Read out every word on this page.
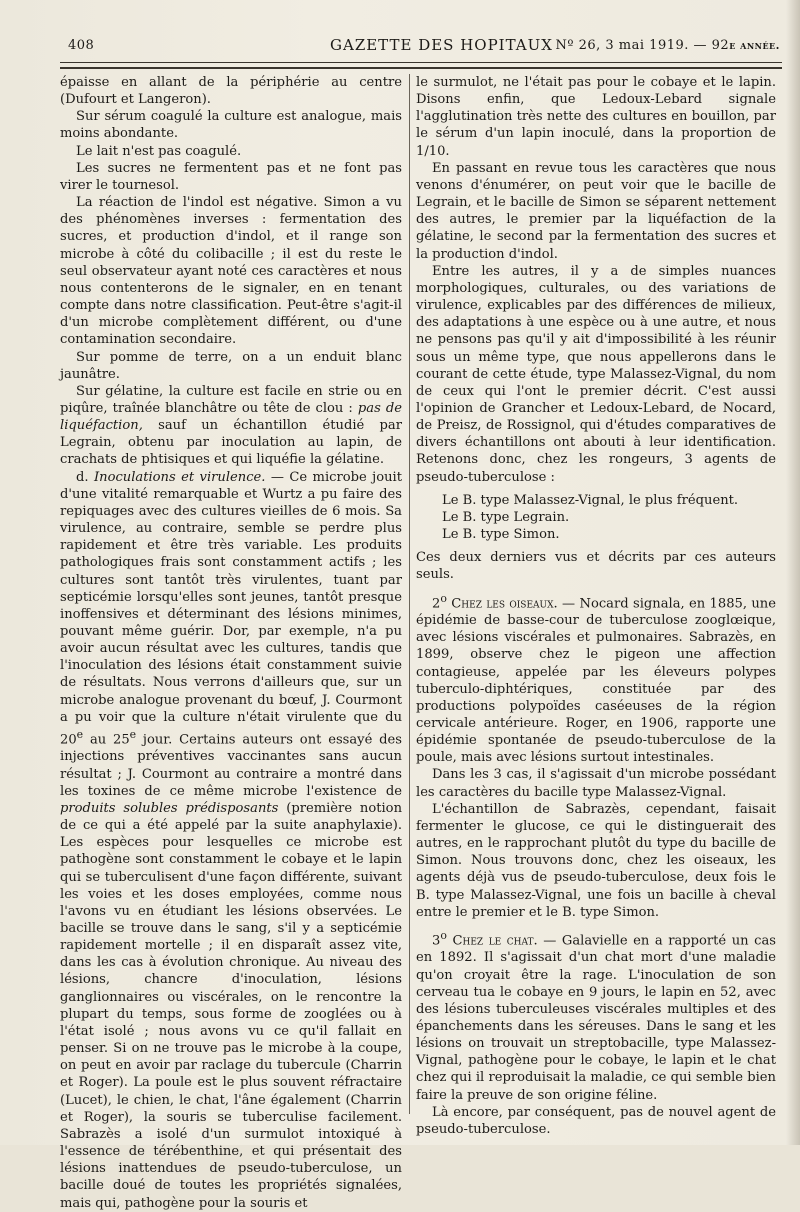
408	GAZETTE DES HOPITAUX Nº 26, 3 mai 1919. — 92e année.

épaisse en allant de la périphérie au centre (Dufourt et Langeron).

Sur sérum coagulé la culture est analogue, mais moins abondante.

Le lait n'est pas coagulé.

Les sucres ne fermentent pas et ne font pas virer le tournesol.

La réaction de l'indol est négative. Simon a vu des phénomènes inverses : fermentation des sucres, et production d'indol, et il range son microbe à côté du colibacille ; il est du reste le seul observateur ayant noté ces caractères et nous nous contenterons de le signaler, en en tenant compte dans notre classification. Peut-être s'agit-il d'un microbe complètement différent, ou d'une contamination secondaire.

Sur pomme de terre, on a un enduit blanc jaunâtre.

Sur gélatine, la culture est facile en strie ou en piqûre, traînée blanchâtre ou tête de clou : pas de liquéfaction, sauf un échantillon étudié par Legrain, obtenu par inoculation au lapin, de crachats de phtisiques et qui liquéfie la gélatine.

d. Inoculations et virulence. — Ce microbe jouit d'une vitalité remarquable et Wurtz a pu faire des repiquages avec des cultures vieilles de 6 mois. Sa virulence, au contraire, semble se perdre plus rapidement et être très variable. Les produits pathologiques frais sont constamment actifs ; les cultures sont tantôt très virulentes, tuant par septicémie lorsqu'elles sont jeunes, tantôt presque inoffensives et déterminant des lésions minimes, pouvant même guérir. Dor, par exemple, n'a pu avoir aucun résultat avec les cultures, tandis que l'inoculation des lésions était constamment suivie de résultats. Nous verrons d'ailleurs que, sur un microbe analogue provenant du bœuf, J. Courmont a pu voir que la culture n'était virulente que du 20e au 25e jour. Certains auteurs ont essayé des injections préventives vaccinantes sans aucun résultat ; J. Courmont au contraire a montré dans les toxines de ce même microbe l'existence de produits solubles prédisposants (première notion de ce qui a été appelé par la suite anaphylaxie). Les espèces pour lesquelles ce microbe est pathogène sont constamment le cobaye et le lapin qui se tuberculisent d'une façon différente, suivant les voies et les doses employées, comme nous l'avons vu en étudiant les lésions observées. Le bacille se trouve dans le sang, s'il y a septicémie rapidement mortelle ; il en disparaît assez vite, dans les cas à évolution chronique. Au niveau des lésions, chancre d'inoculation, lésions ganglionnaires ou viscérales, on le rencontre la plupart du temps, sous forme de zooglées ou à l'état isolé ; nous avons vu ce qu'il fallait en penser. Si on ne trouve pas le microbe à la coupe, on peut en avoir par raclage du tubercule (Charrin et Roger). La poule est le plus souvent réfractaire (Lucet), le chien, le chat, l'âne également (Charrin et Roger), la souris se tuberculise facilement. Sabrazès a isolé d'un surmulot intoxiqué à l'essence de térébenthine, et qui présentait des lésions inattendues de pseudo-tuberculose, un bacille doué de toutes les propriétés signalées, mais qui, pathogène pour la souris et

le surmulot, ne l'était pas pour le cobaye et le lapin. Disons enfin, que Ledoux-Lebard signale l'agglutination très nette des cultures en bouillon, par le sérum d'un lapin inoculé, dans la proportion de 1/10.

En passant en revue tous les caractères que nous venons d'énumérer, on peut voir que le bacille de Legrain, et le bacille de Simon se séparent nettement des autres, le premier par la liquéfaction de la gélatine, le second par la fermentation des sucres et la production d'indol.

Entre les autres, il y a de simples nuances morphologiques, culturales, ou des variations de virulence, explicables par des différences de milieux, des adaptations à une espèce ou à une autre, et nous ne pensons pas qu'il y ait d'impossibilité à les réunir sous un même type, que nous appellerons dans le courant de cette étude, type Malassez-Vignal, du nom de ceux qui l'ont le premier décrit. C'est aussi l'opinion de Grancher et Ledoux-Lebard, de Nocard, de Preisz, de Rossignol, qui d'études comparatives de divers échantillons ont abouti à leur identification. Retenons donc, chez les rongeurs, 3 agents de pseudo-tuberculose :

Le B. type Malassez-Vignal, le plus fréquent.

Le B. type Legrain.

Le B. type Simon.

Ces deux derniers vus et décrits par ces auteurs seuls.

2$^o$ Chez les oiseaux. — Nocard signala, en 1885, une épidémie de basse-cour de tuberculose zooglœique, avec lésions viscérales et pulmonaires. Sabrazès, en 1899, observe chez le pigeon une affection contagieuse, appelée par les éleveurs polypes tuberculo-diphtériques, constituée par des productions polypoïdes caséeuses de la région cervicale antérieure. Roger, en 1906, rapporte une épidémie spontanée de pseudo-tuberculose de la poule, mais avec lésions surtout intestinales.

Dans les 3 cas, il s'agissait d'un microbe possédant les caractères du bacille type Malassez-Vignal.

L'échantillon de Sabrazès, cependant, faisait fermenter le glucose, ce qui le distinguerait des autres, en le rapprochant plutôt du type du bacille de Simon. Nous trouvons donc, chez les oiseaux, les agents déjà vus de pseudo-tuberculose, deux fois le B. type Malassez-Vignal, une fois un bacille à cheval entre le premier et le B. type Simon.

3$^o$ Chez le chat. — Galavielle en a rapporté un cas en 1892. Il s'agissait d'un chat mort d'une maladie qu'on croyait être la rage. L'inoculation de son cerveau tua le cobaye en 9 jours, le lapin en 52, avec des lésions tuberculeuses viscérales multiples et des épanchements dans les séreuses. Dans le sang et les lésions on trouvait un streptobacille, type Malassez-Vignal, pathogène pour le cobaye, le lapin et le chat chez qui il reproduisait la maladie, ce qui semble bien faire la preuve de son origine féline.

Là encore, par conséquent, pas de nouvel agent de pseudo-tuberculose.
